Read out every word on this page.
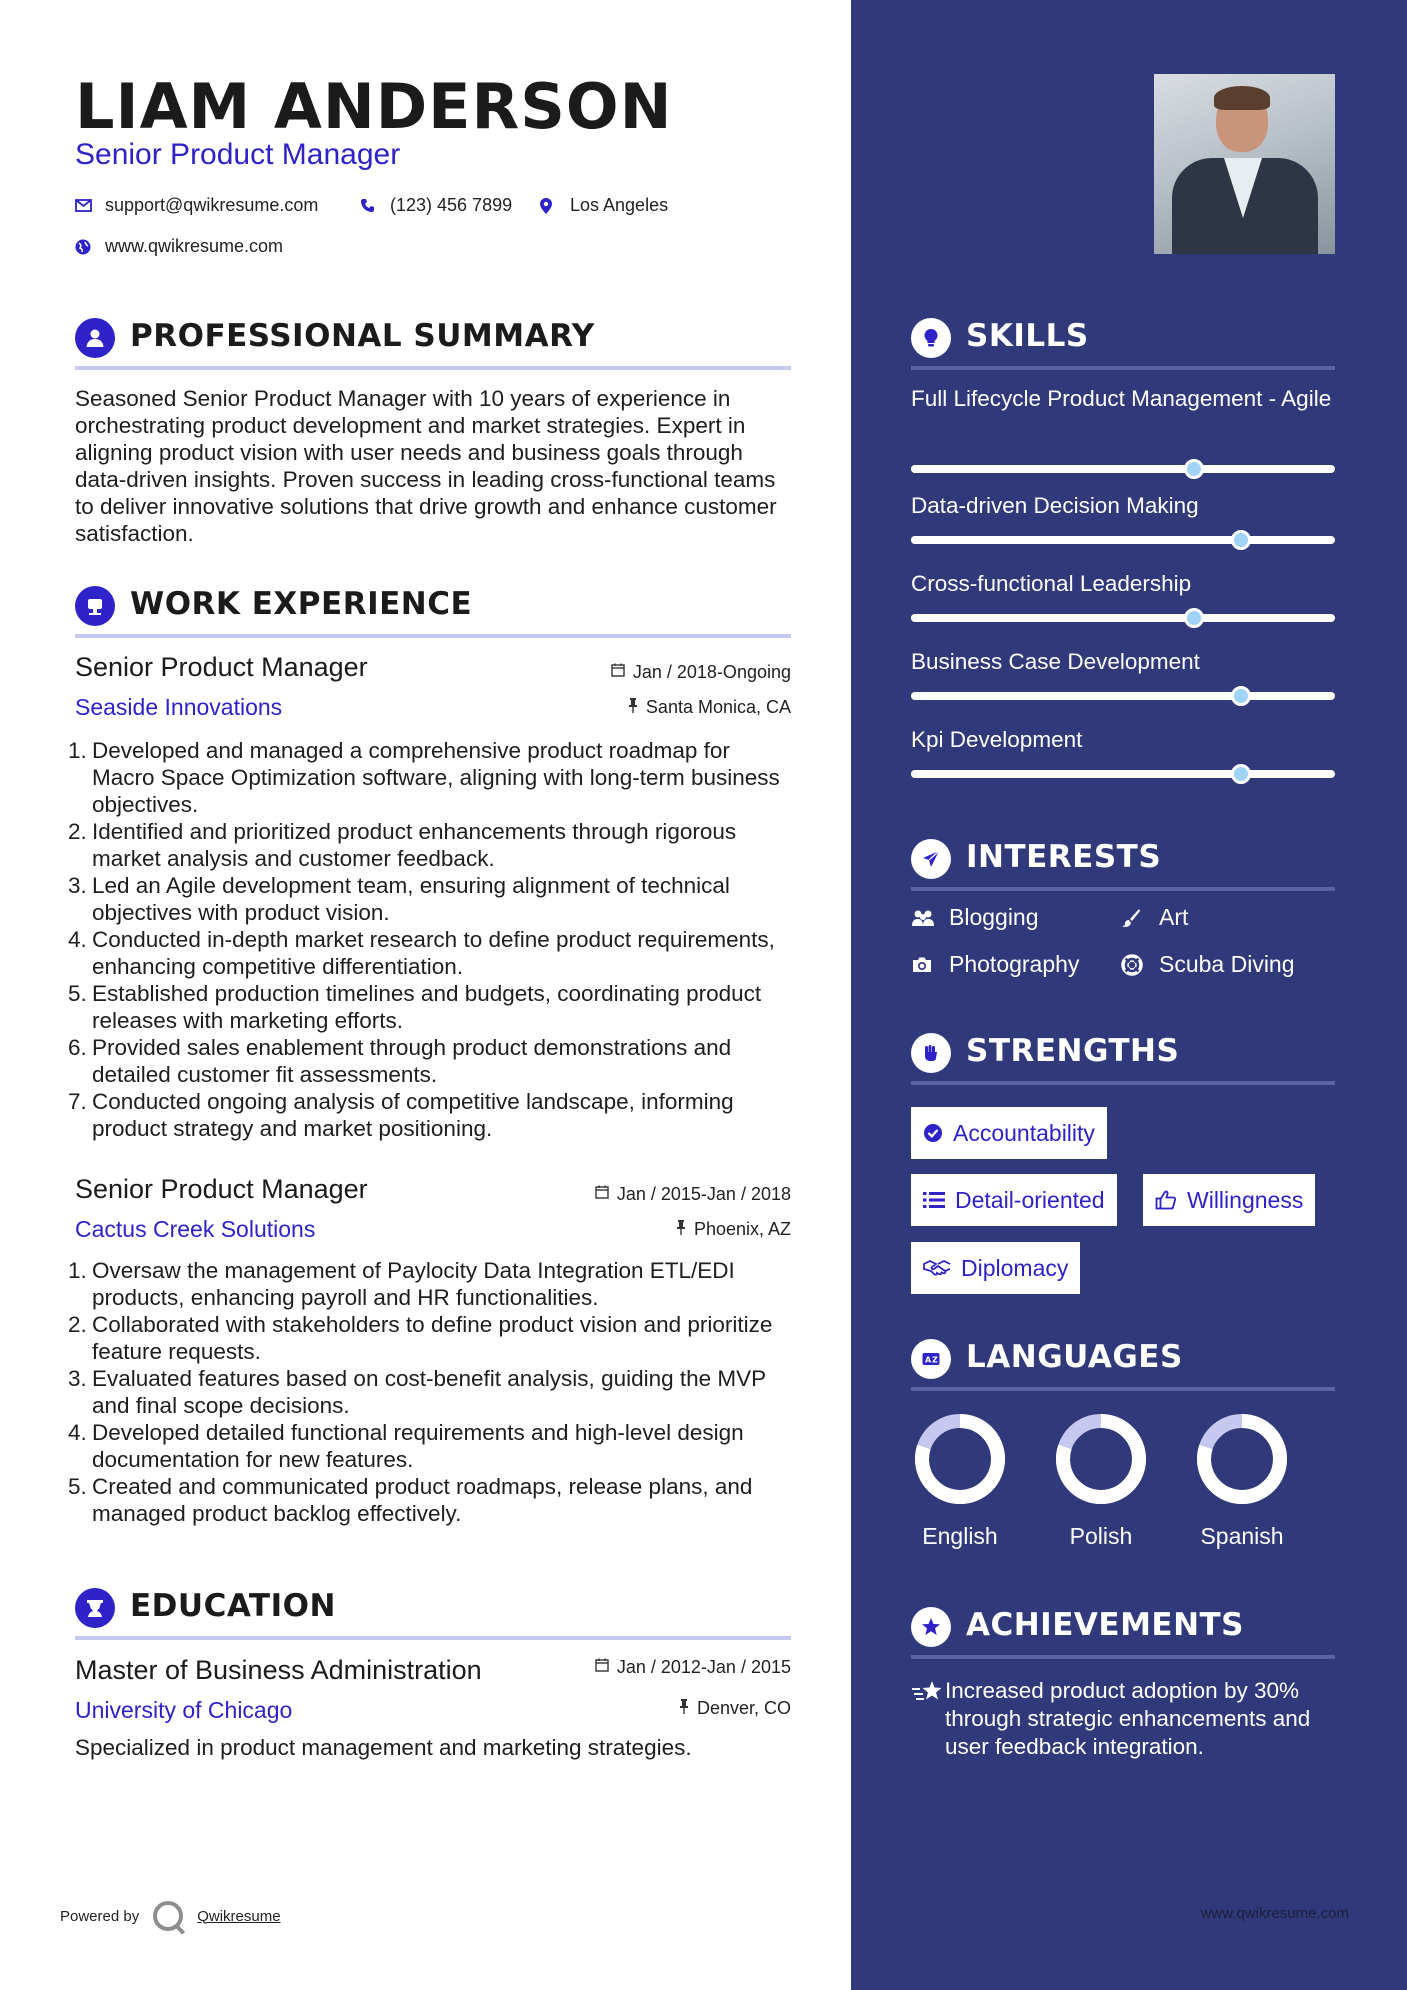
LIAM ANDERSON
Senior Product Manager
support@qwikresume.com	(123) 456 7899	Los Angeles
www.qwikresume.com
PROFESSIONAL SUMMARY
Seasoned Senior Product Manager with 10 years of experience in orchestrating product development and market strategies. Expert in aligning product vision with user needs and business goals through data-driven insights. Proven success in leading cross-functional teams to deliver innovative solutions that drive growth and enhance customer satisfaction.
WORK EXPERIENCE
Senior Product Manager	Jan / 2018-Ongoing
Seaside Innovations	Santa Monica, CA
1. Developed and managed a comprehensive product roadmap for Macro Space Optimization software, aligning with long-term business objectives.
2. Identified and prioritized product enhancements through rigorous market analysis and customer feedback.
3. Led an Agile development team, ensuring alignment of technical objectives with product vision.
4. Conducted in-depth market research to define product requirements, enhancing competitive differentiation.
5. Established production timelines and budgets, coordinating product releases with marketing efforts.
6. Provided sales enablement through product demonstrations and detailed customer fit assessments.
7. Conducted ongoing analysis of competitive landscape, informing product strategy and market positioning.
Senior Product Manager	Jan / 2015-Jan / 2018
Cactus Creek Solutions	Phoenix, AZ
1. Oversaw the management of Paylocity Data Integration ETL/EDI products, enhancing payroll and HR functionalities.
2. Collaborated with stakeholders to define product vision and prioritize feature requests.
3. Evaluated features based on cost-benefit analysis, guiding the MVP and final scope decisions.
4. Developed detailed functional requirements and high-level design documentation for new features.
5. Created and communicated product roadmaps, release plans, and managed product backlog effectively.
EDUCATION
Master of Business Administration	Jan / 2012-Jan / 2015
University of Chicago	Denver, CO
Specialized in product management and marketing strategies.
Powered by	Qwikresume
SKILLS
Full Lifecycle Product Management - Agile
Data-driven Decision Making
Cross-functional Leadership
Business Case Development
Kpi Development
INTERESTS
Blogging	Art
Photography	Scuba Diving
STRENGTHS
Accountability
Detail-oriented	Willingness
Diplomacy
A Z LANGUAGES
English	Polish	Spanish
ACHIEVEMENTS
Increased product adoption by 30% through strategic enhancements and user feedback integration.
www.qwikresume.com
